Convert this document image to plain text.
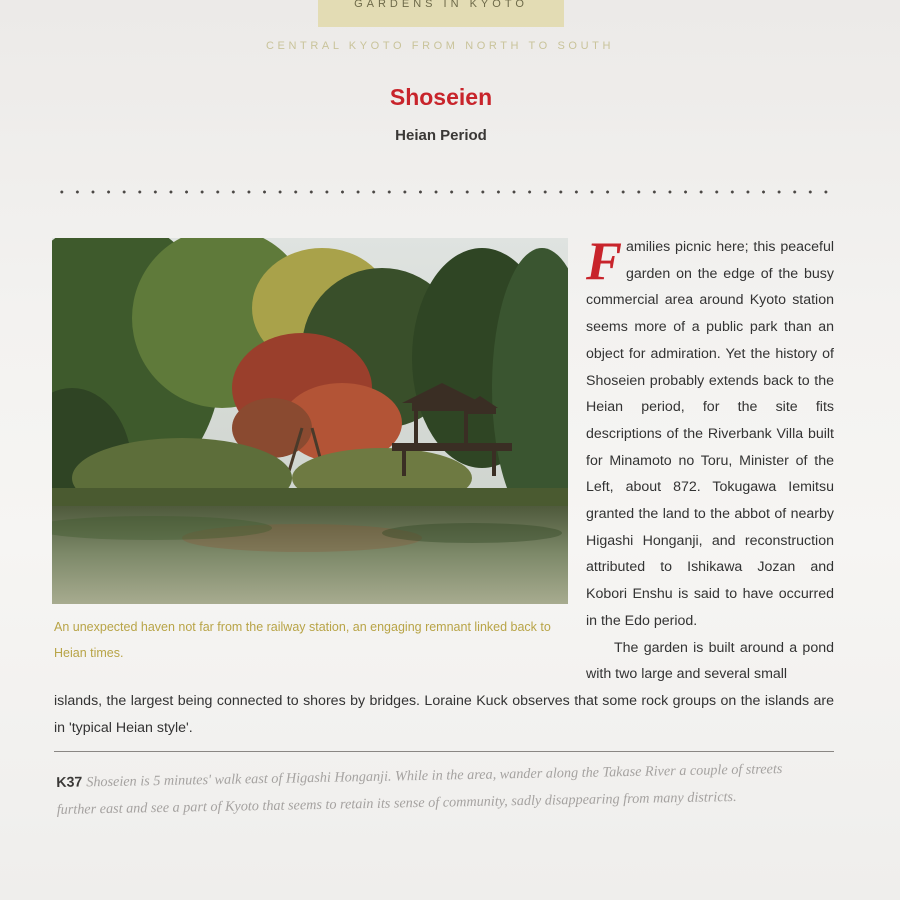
GARDENS IN KYOTO
CENTRAL KYOTO FROM NORTH TO SOUTH
Shoseien
Heian Period
An unexpected haven not far from the railway station, an engaging remnant linked back to Heian times.

Families picnic here; this peaceful garden on the edge of the busy commercial area around Kyoto station seems more of a public park than an object for admiration. Yet the history of Shoseien probably extends back to the Heian period, for the site fits descriptions of the Riverbank Villa built for Minamoto no Toru, Minister of the Left, about 872. Tokugawa Iemitsu granted the land to the abbot of nearby Higashi Honganji, and reconstruction attributed to Ishikawa Jozan and Kobori Enshu is said to have occurred in the Edo period.

The garden is built around a pond with two large and several small

islands, the largest being connected to shores by bridges. Loraine Kuck observes that some rock groups on the islands are in 'typical Heian style'.
K37 Shoseien is 5 minutes' walk east of Higashi Honganji. While in the area, wander along the Takase River a couple of streets further east and see a part of Kyoto that seems to retain its sense of community, sadly disappearing from many districts.
